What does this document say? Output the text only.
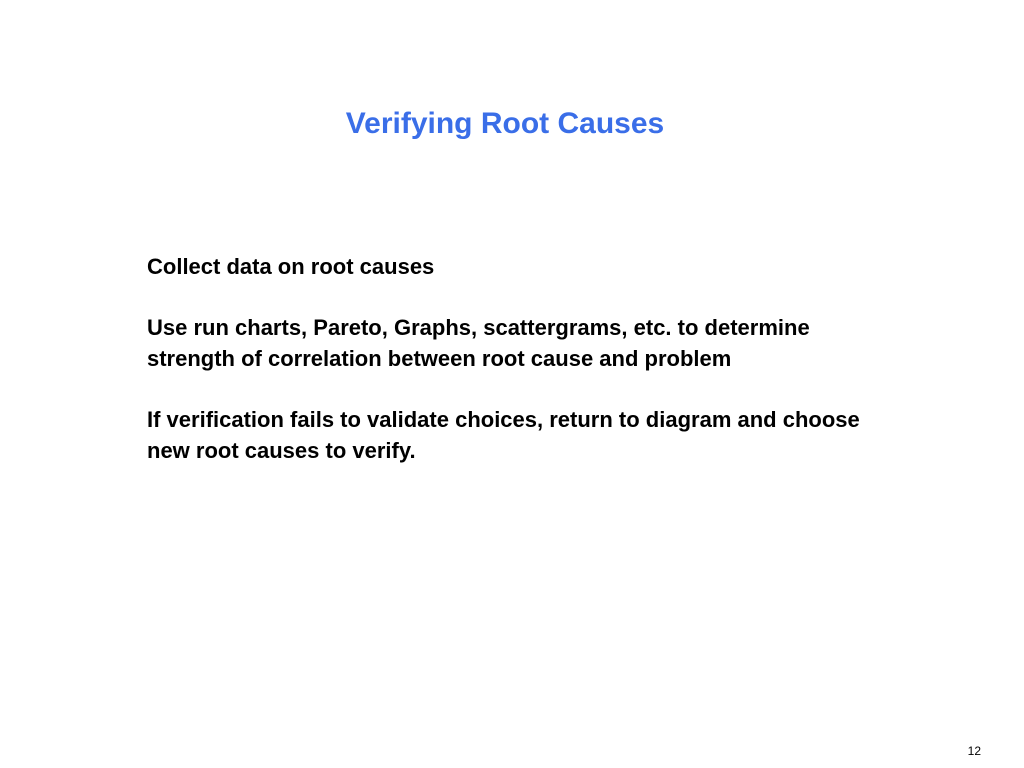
Verifying Root Causes

Collect data on root causes

Use run charts, Pareto, Graphs, scattergrams, etc. to determine strength of correlation between root cause and problem

If verification fails to validate choices, return to diagram and choose new root causes to verify.

12
